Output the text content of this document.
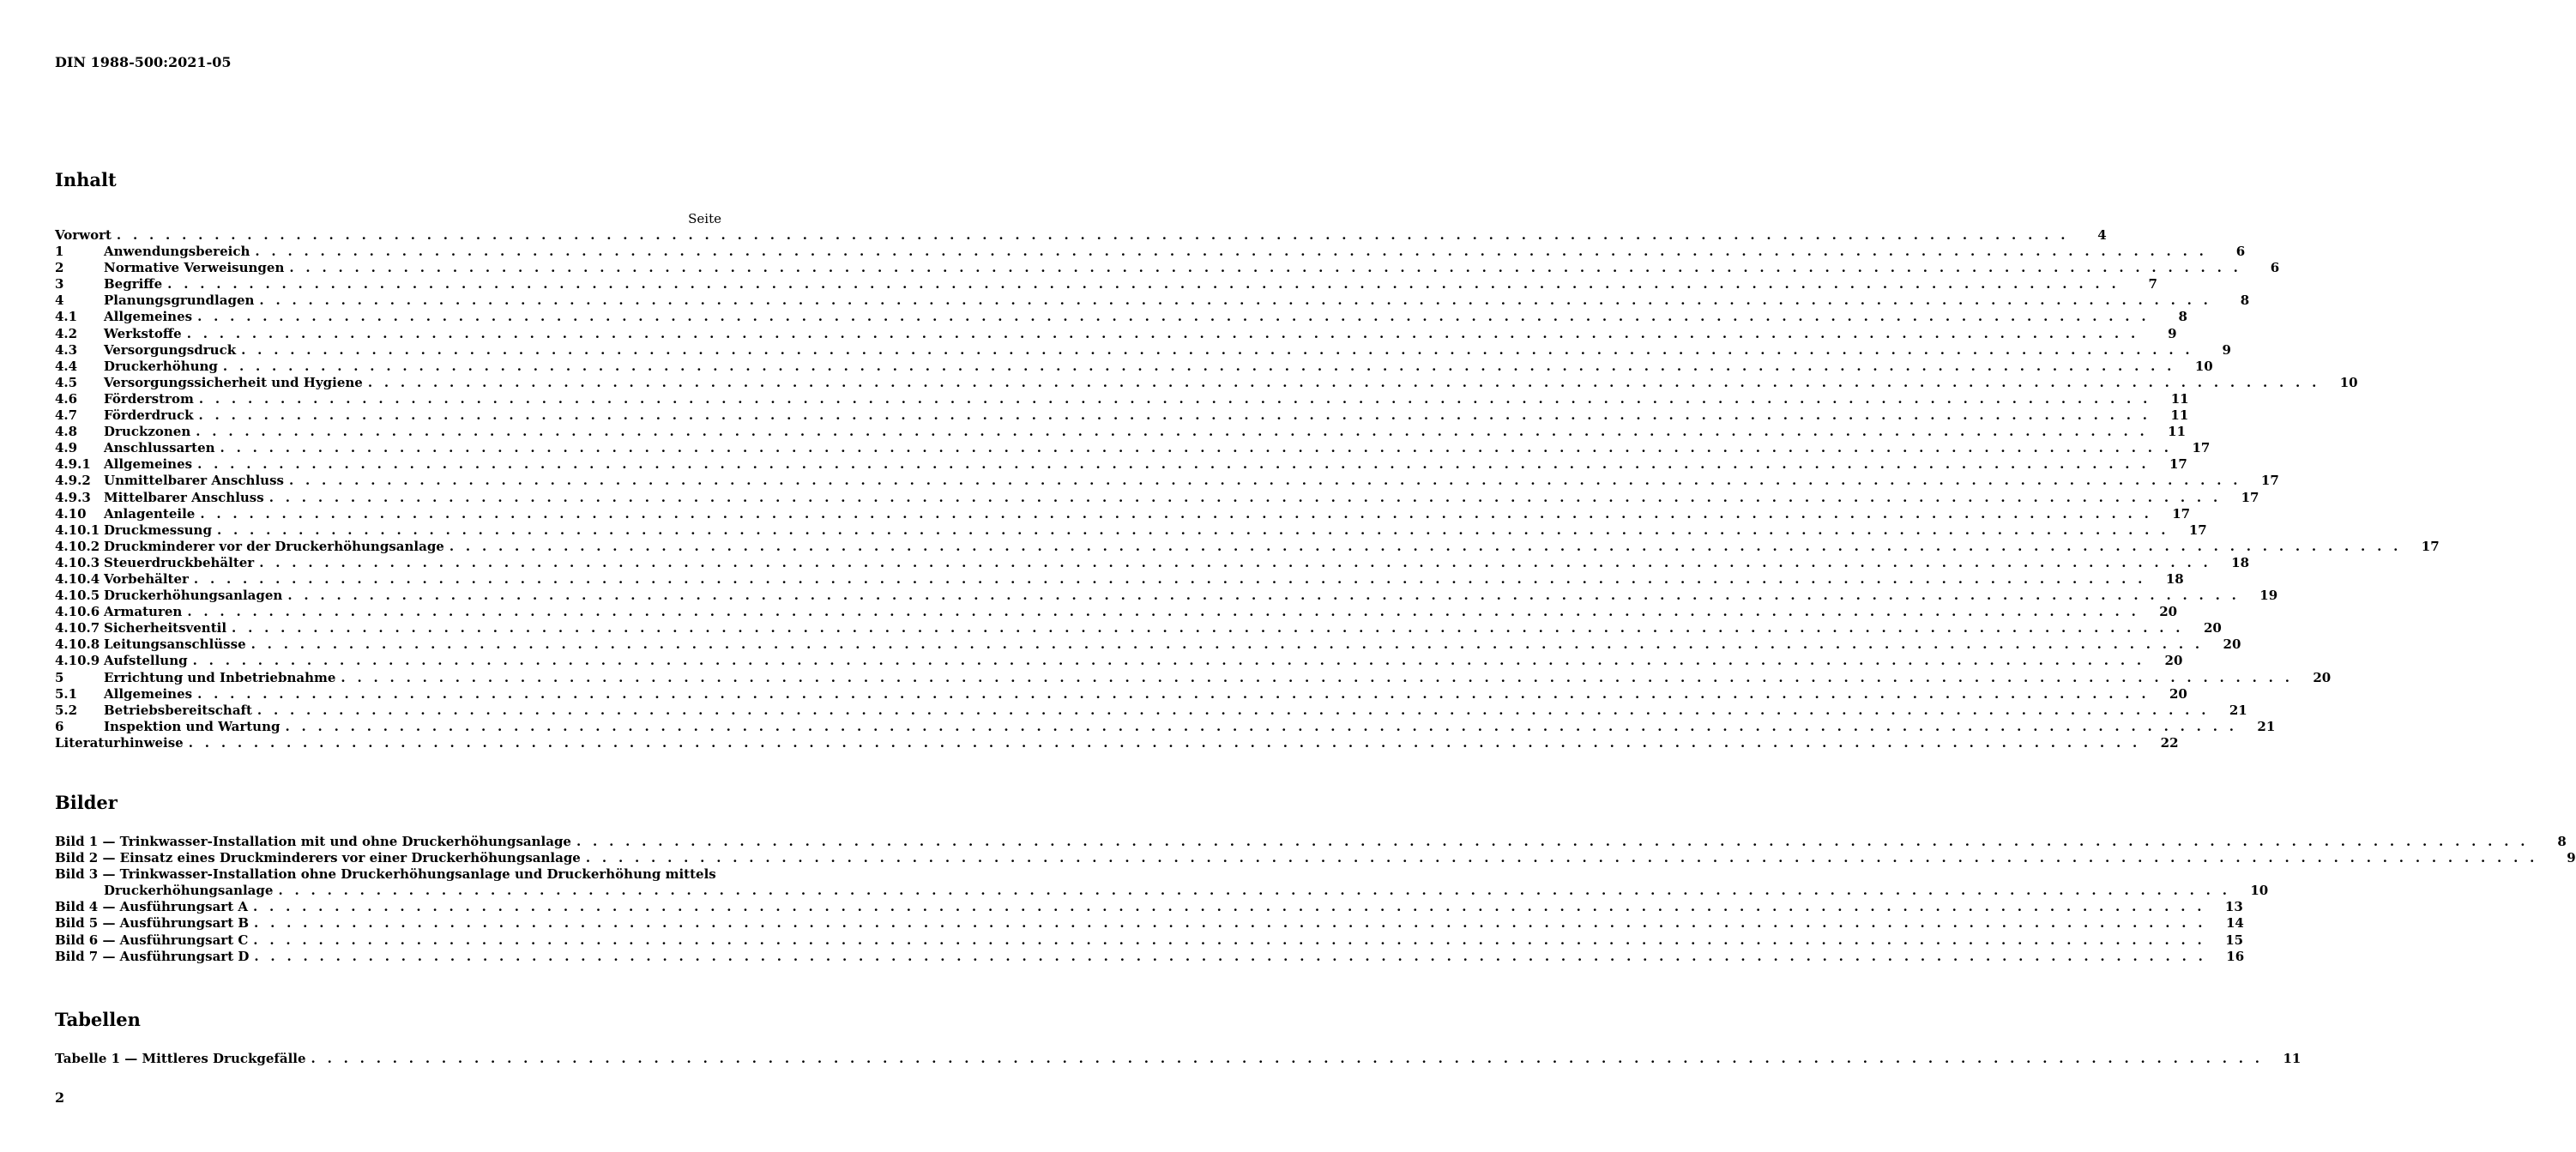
DIN 1988-500:2021-05
Inhalt
Seite
Vorwort . . . . . . . . . . . . . . . . . . . . . . . . . . . . . . . . . . . . . . . . . . . . . . . . . . . . . . . . . . . . . . . . . . . . . . . . . . . . . . . . . . . . . . . . . . . . . . . . . . . . . . . . . . . . . . . . . . . . . . . .	4
1	Anwendungsbereich . . . . . . . . . . . . . . . . . . . . . . . . . . . . . . . . . . . . . . . . . . . . . . . . . . . . . . . . . . . . . . . . . . . . . . . . . . . . . . . . . . . . . . . . . . . . . . . . . . . . . . . . . . . . . . . . . . . . . . . .	6
2	Normative Verweisungen . . . . . . . . . . . . . . . . . . . . . . . . . . . . . . . . . . . . . . . . . . . . . . . . . . . . . . . . . . . . . . . . . . . . . . . . . . . . . . . . . . . . . . . . . . . . . . . . . . . . . . . . . . . . . . . . . . . . . . . .	6
3	Begriffe . . . . . . . . . . . . . . . . . . . . . . . . . . . . . . . . . . . . . . . . . . . . . . . . . . . . . . . . . . . . . . . . . . . . . . . . . . . . . . . . . . . . . . . . . . . . . . . . . . . . . . . . . . . . . . . . . . . . . . . .	7
4	Planungsgrundlagen . . . . . . . . . . . . . . . . . . . . . . . . . . . . . . . . . . . . . . . . . . . . . . . . . . . . . . . . . . . . . . . . . . . . . . . . . . . . . . . . . . . . . . . . . . . . . . . . . . . . . . . . . . . . . . . . . . . . . . . .	8
4.1	Allgemeines . . . . . . . . . . . . . . . . . . . . . . . . . . . . . . . . . . . . . . . . . . . . . . . . . . . . . . . . . . . . . . . . . . . . . . . . . . . . . . . . . . . . . . . . . . . . . . . . . . . . . . . . . . . . . . . . . . . . . . . .	8
4.2	Werkstoffe . . . . . . . . . . . . . . . . . . . . . . . . . . . . . . . . . . . . . . . . . . . . . . . . . . . . . . . . . . . . . . . . . . . . . . . . . . . . . . . . . . . . . . . . . . . . . . . . . . . . . . . . . . . . . . . . . . . . . . . .	9
4.3	Versorgungsdruck . . . . . . . . . . . . . . . . . . . . . . . . . . . . . . . . . . . . . . . . . . . . . . . . . . . . . . . . . . . . . . . . . . . . . . . . . . . . . . . . . . . . . . . . . . . . . . . . . . . . . . . . . . . . . . . . . . . . . . . .	9
4.4	Druckerhöhung . . . . . . . . . . . . . . . . . . . . . . . . . . . . . . . . . . . . . . . . . . . . . . . . . . . . . . . . . . . . . . . . . . . . . . . . . . . . . . . . . . . . . . . . . . . . . . . . . . . . . . . . . . . . . . . . . . . . . . . .	10
4.5	Versorgungssicherheit und Hygiene . . . . . . . . . . . . . . . . . . . . . . . . . . . . . . . . . . . . . . . . . . . . . . . . . . . . . . . . . . . . . . . . . . . . . . . . . . . . . . . . . . . . . . . . . . . . . . . . . . . . . . . . . . . . . . . . . . . . . . . .	10
4.6	Förderstrom . . . . . . . . . . . . . . . . . . . . . . . . . . . . . . . . . . . . . . . . . . . . . . . . . . . . . . . . . . . . . . . . . . . . . . . . . . . . . . . . . . . . . . . . . . . . . . . . . . . . . . . . . . . . . . . . . . . . . . . .	11
4.7	Förderdruck . . . . . . . . . . . . . . . . . . . . . . . . . . . . . . . . . . . . . . . . . . . . . . . . . . . . . . . . . . . . . . . . . . . . . . . . . . . . . . . . . . . . . . . . . . . . . . . . . . . . . . . . . . . . . . . . . . . . . . . .	11
4.8	Druckzonen . . . . . . . . . . . . . . . . . . . . . . . . . . . . . . . . . . . . . . . . . . . . . . . . . . . . . . . . . . . . . . . . . . . . . . . . . . . . . . . . . . . . . . . . . . . . . . . . . . . . . . . . . . . . . . . . . . . . . . . .	11
4.9	Anschlussarten . . . . . . . . . . . . . . . . . . . . . . . . . . . . . . . . . . . . . . . . . . . . . . . . . . . . . . . . . . . . . . . . . . . . . . . . . . . . . . . . . . . . . . . . . . . . . . . . . . . . . . . . . . . . . . . . . . . . . . . .	17
4.9.1	Allgemeines . . . . . . . . . . . . . . . . . . . . . . . . . . . . . . . . . . . . . . . . . . . . . . . . . . . . . . . . . . . . . . . . . . . . . . . . . . . . . . . . . . . . . . . . . . . . . . . . . . . . . . . . . . . . . . . . . . . . . . . .	17
4.9.2	Unmittelbarer Anschluss . . . . . . . . . . . . . . . . . . . . . . . . . . . . . . . . . . . . . . . . . . . . . . . . . . . . . . . . . . . . . . . . . . . . . . . . . . . . . . . . . . . . . . . . . . . . . . . . . . . . . . . . . . . . . . . . . . . . . . . .	17
4.9.3	Mittelbarer Anschluss . . . . . . . . . . . . . . . . . . . . . . . . . . . . . . . . . . . . . . . . . . . . . . . . . . . . . . . . . . . . . . . . . . . . . . . . . . . . . . . . . . . . . . . . . . . . . . . . . . . . . . . . . . . . . . . . . . . . . . . .	17
4.10	Anlagenteile . . . . . . . . . . . . . . . . . . . . . . . . . . . . . . . . . . . . . . . . . . . . . . . . . . . . . . . . . . . . . . . . . . . . . . . . . . . . . . . . . . . . . . . . . . . . . . . . . . . . . . . . . . . . . . . . . . . . . . . .	17
4.10.1 Druckmessung . . . . . . . . . . . . . . . . . . . . . . . . . . . . . . . . . . . . . . . . . . . . . . . . . . . . . . . . . . . . . . . . . . . . . . . . . . . . . . . . . . . . . . . . . . . . . . . . . . . . . . . . . . . . . . . . . . . . . . . .	17
4.10.2 Druckminderer vor der Druckerhöhungsanlage . . . . . . . . . . . . . . . . . . . . . . . . . . . . . . . . . . . . . . . . . . . . . . . . . . . . . . . . . . . . . . . . . . . . . . . . . . . . . . . . . . . . . . . . . . . . . . . . . . . . . . . . . . . . . . . . . . . . . . . .	17
4.10.3 Steuerdruckbehälter . . . . . . . . . . . . . . . . . . . . . . . . . . . . . . . . . . . . . . . . . . . . . . . . . . . . . . . . . . . . . . . . . . . . . . . . . . . . . . . . . . . . . . . . . . . . . . . . . . . . . . . . . . . . . . . . . . . . . . . .	18
4.10.4 Vorbehälter . . . . . . . . . . . . . . . . . . . . . . . . . . . . . . . . . . . . . . . . . . . . . . . . . . . . . . . . . . . . . . . . . . . . . . . . . . . . . . . . . . . . . . . . . . . . . . . . . . . . . . . . . . . . . . . . . . . . . . . .	18
4.10.5 Druckerhöhungsanlagen . . . . . . . . . . . . . . . . . . . . . . . . . . . . . . . . . . . . . . . . . . . . . . . . . . . . . . . . . . . . . . . . . . . . . . . . . . . . . . . . . . . . . . . . . . . . . . . . . . . . . . . . . . . . . . . . . . . . . . . .	19
4.10.6 Armaturen . . . . . . . . . . . . . . . . . . . . . . . . . . . . . . . . . . . . . . . . . . . . . . . . . . . . . . . . . . . . . . . . . . . . . . . . . . . . . . . . . . . . . . . . . . . . . . . . . . . . . . . . . . . . . . . . . . . . . . . .	20
4.10.7 Sicherheitsventil . . . . . . . . . . . . . . . . . . . . . . . . . . . . . . . . . . . . . . . . . . . . . . . . . . . . . . . . . . . . . . . . . . . . . . . . . . . . . . . . . . . . . . . . . . . . . . . . . . . . . . . . . . . . . . . . . . . . . . . .	20
4.10.8 Leitungsanschlüsse . . . . . . . . . . . . . . . . . . . . . . . . . . . . . . . . . . . . . . . . . . . . . . . . . . . . . . . . . . . . . . . . . . . . . . . . . . . . . . . . . . . . . . . . . . . . . . . . . . . . . . . . . . . . . . . . . . . . . . . .	20
4.10.9 Aufstellung . . . . . . . . . . . . . . . . . . . . . . . . . . . . . . . . . . . . . . . . . . . . . . . . . . . . . . . . . . . . . . . . . . . . . . . . . . . . . . . . . . . . . . . . . . . . . . . . . . . . . . . . . . . . . . . . . . . . . . . .	20
5	Errichtung und Inbetriebnahme . . . . . . . . . . . . . . . . . . . . . . . . . . . . . . . . . . . . . . . . . . . . . . . . . . . . . . . . . . . . . . . . . . . . . . . . . . . . . . . . . . . . . . . . . . . . . . . . . . . . . . . . . . . . . . . . . . . . . . . .	20
5.1	Allgemeines . . . . . . . . . . . . . . . . . . . . . . . . . . . . . . . . . . . . . . . . . . . . . . . . . . . . . . . . . . . . . . . . . . . . . . . . . . . . . . . . . . . . . . . . . . . . . . . . . . . . . . . . . . . . . . . . . . . . . . . .	20
5.2	Betriebsbereitschaft . . . . . . . . . . . . . . . . . . . . . . . . . . . . . . . . . . . . . . . . . . . . . . . . . . . . . . . . . . . . . . . . . . . . . . . . . . . . . . . . . . . . . . . . . . . . . . . . . . . . . . . . . . . . . . . . . . . . . . . .	21
6	Inspektion und Wartung . . . . . . . . . . . . . . . . . . . . . . . . . . . . . . . . . . . . . . . . . . . . . . . . . . . . . . . . . . . . . . . . . . . . . . . . . . . . . . . . . . . . . . . . . . . . . . . . . . . . . . . . . . . . . . . . . . . . . . . .	21
Literaturhinweise . . . . . . . . . . . . . . . . . . . . . . . . . . . . . . . . . . . . . . . . . . . . . . . . . . . . . . . . . . . . . . . . . . . . . . . . . . . . . . . . . . . . . . . . . . . . . . . . . . . . . . . . . . . . . . . . . . . . . . . .	22
Bilder
Bild 1 — Trinkwasser-Installation mit und ohne Druckerhöhungsanlage . . . . . . . . . . . . . . . . . . . . . . . . . . . . . . . . . . . . . . . . . . . . . . . . . . . . . . . . . . . . . . . . . . . . . . . . . . . . . . . . . . . . . . . . . . . . . . . . . . . . . . . . . . . . . . . . . . . . . . . .	8
Bild 2 — Einsatz eines Druckminderers vor einer Druckerhöhungsanlage . . . . . . . . . . . . . . . . . . . . . . . . . . . . . . . . . . . . . . . . . . . . . . . . . . . . . . . . . . . . . . . . . . . . . . . . . . . . . . . . . . . . . . . . . . . . . . . . . . . . . . . . . . . . . . . . . . . . . . . .	9
Bild 3 — Trinkwasser-Installation ohne Druckerhöhungsanlage und Druckerhöhung mittels
Druckerhöhungsanlage . . . . . . . . . . . . . . . . . . . . . . . . . . . . . . . . . . . . . . . . . . . . . . . . . . . . . . . . . . . . . . . . . . . . . . . . . . . . . . . . . . . . . . . . . . . . . . . . . . . . . . . . . . . . . . . . . . . . . . . .	10
Bild 4 — Ausführungsart A . . . . . . . . . . . . . . . . . . . . . . . . . . . . . . . . . . . . . . . . . . . . . . . . . . . . . . . . . . . . . . . . . . . . . . . . . . . . . . . . . . . . . . . . . . . . . . . . . . . . . . . . . . . . . . . . . . . . . . . .	13
Bild 5 — Ausführungsart B . . . . . . . . . . . . . . . . . . . . . . . . . . . . . . . . . . . . . . . . . . . . . . . . . . . . . . . . . . . . . . . . . . . . . . . . . . . . . . . . . . . . . . . . . . . . . . . . . . . . . . . . . . . . . . . . . . . . . . . .	14
Bild 6 — Ausführungsart C . . . . . . . . . . . . . . . . . . . . . . . . . . . . . . . . . . . . . . . . . . . . . . . . . . . . . . . . . . . . . . . . . . . . . . . . . . . . . . . . . . . . . . . . . . . . . . . . . . . . . . . . . . . . . . . . . . . . . . . .	15
Bild 7 — Ausführungsart D . . . . . . . . . . . . . . . . . . . . . . . . . . . . . . . . . . . . . . . . . . . . . . . . . . . . . . . . . . . . . . . . . . . . . . . . . . . . . . . . . . . . . . . . . . . . . . . . . . . . . . . . . . . . . . . . . . . . . . . .	16
Tabellen
Tabelle 1 — Mittleres Druckgefälle . . . . . . . . . . . . . . . . . . . . . . . . . . . . . . . . . . . . . . . . . . . . . . . . . . . . . . . . . . . . . . . . . . . . . . . . . . . . . . . . . . . . . . . . . . . . . . . . . . . . . . . . . . . . . . . . . . . . . . . .	11
2
